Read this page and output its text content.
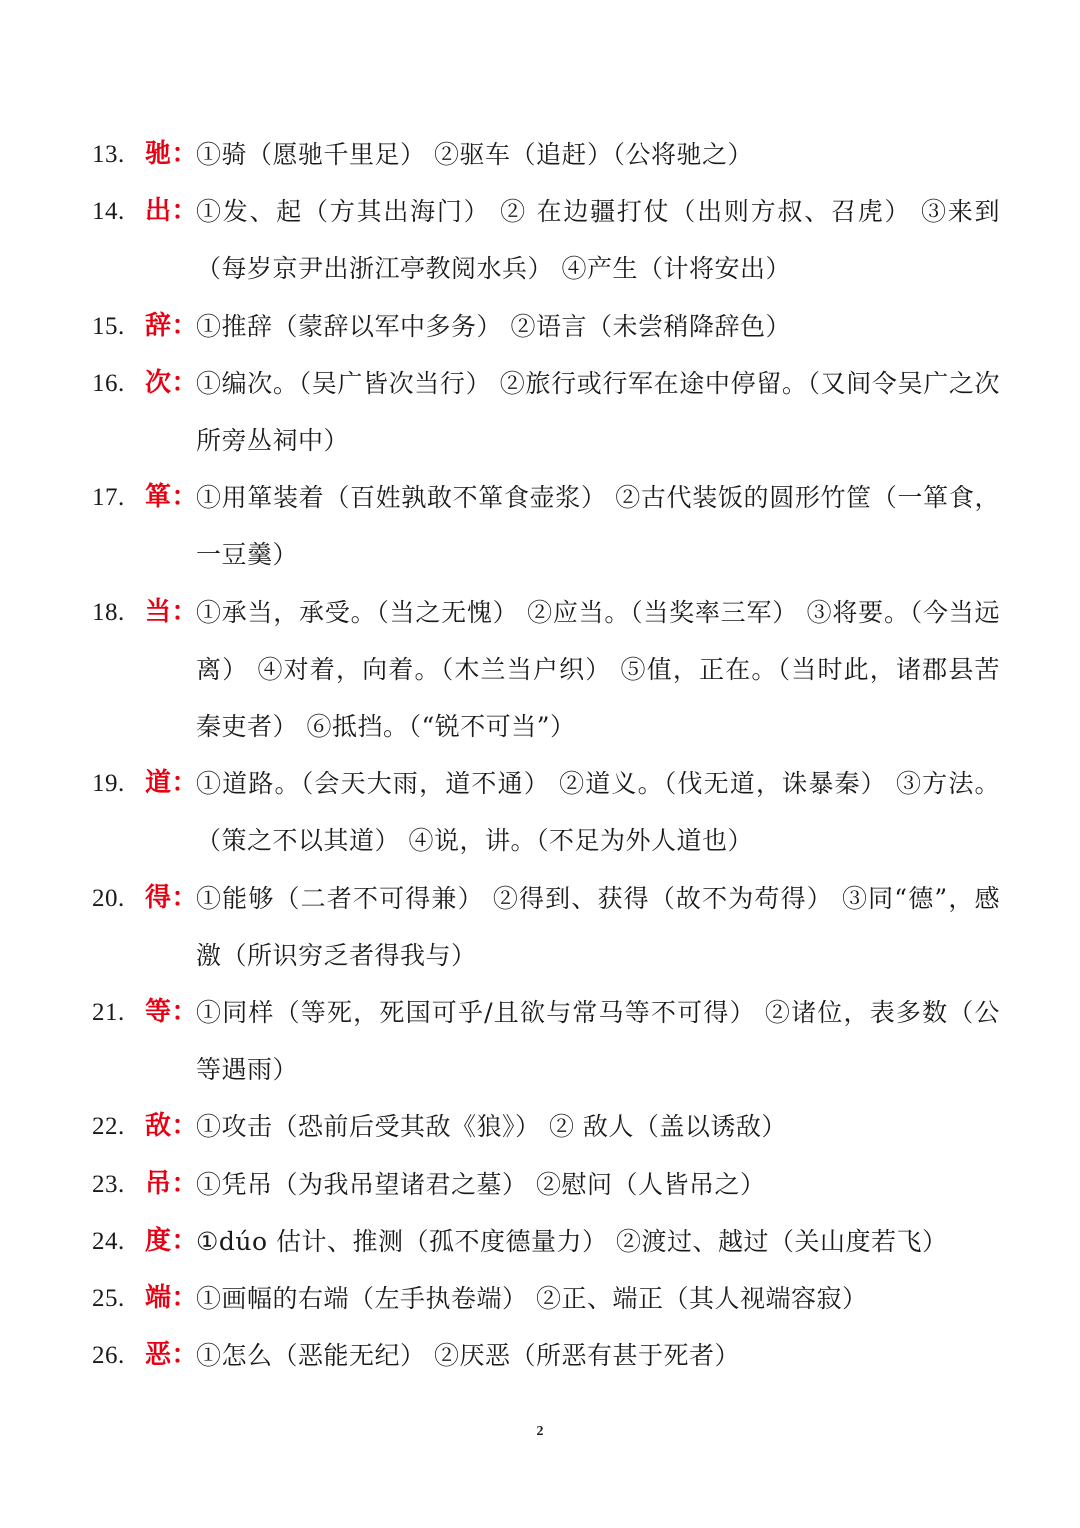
13. 驰：
①骑（愿驰千里足） ②驱车（追赶）（公将驰之）
14. 出：
①发、起（方其出海门） ② 在边疆打仗（出则方叔、召虎） ③来到（每岁京尹出浙江亭教阅水兵） ④产生（计将安出）
15. 辞：
①推辞（蒙辞以军中多务） ②语言（未尝稍降辞色）
16. 次：
①编次。（吴广皆次当行） ②旅行或行军在途中停留。（又间令吴广之次所旁丛祠中）
17. 箪：
①用箪装着（百姓孰敢不箪食壶浆） ②古代装饭的圆形竹筐（一箪食，一豆羹）
18. 当：
①承当，承受。（当之无愧） ②应当。（当奖率三军） ③将要。（今当远离） ④对着，向着。（木兰当户织） ⑤值，正在。（当时此，诸郡县苦秦吏者） ⑥抵挡。（“锐不可当”）
19. 道：
①道路。（会天大雨，道不通） ②道义。（伐无道，诛暴秦） ③方法。（策之不以其道） ④说，讲。（不足为外人道也）
20. 得：
①能够（二者不可得兼） ②得到、获得（故不为苟得） ③同“德”，感激（所识穷乏者得我与）
21. 等：
①同样（等死，死国可乎/且欲与常马等不可得） ②诸位，表多数（公等遇雨）
22. 敌：
①攻击（恐前后受其敌《狼》） ② 敌人（盖以诱敌）
23. 吊：
①凭吊（为我吊望诸君之墓） ②慰问（人皆吊之）
24. 度：
①dúo 估计、推测（孤不度德量力） ②渡过、越过（关山度若飞）
25. 端：
①画幅的右端（左手执卷端） ②正、端正（其人视端容寂）
26. 恶：
①怎么（恶能无纪） ②厌恶（所恶有甚于死者）
2
